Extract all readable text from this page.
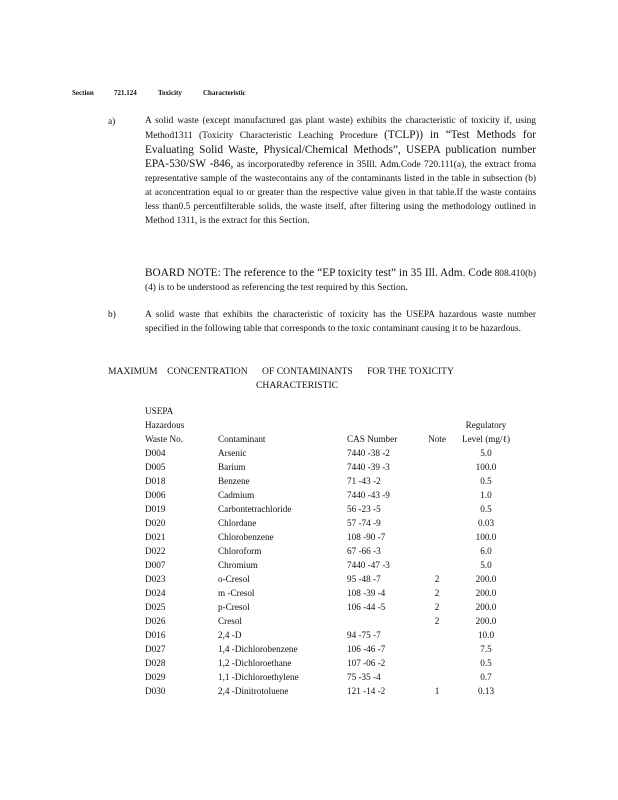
Section	721.124	Toxicity	Characteristic
a)	A solid waste (except manufactured gas plant waste) exhibits the characteristic of toxicity if, using Method1311 (Toxicity Characteristic Leaching Procedure (TCLP)) in “Test Methods for Evaluating Solid Waste, Physical/Chemical Methods”, USEPA publication number EPA-530/SW -846, as incorporatedby reference in 35Ill. Adm.Code 720.111(a), the extract froma representative sample of the wastecontains any of the contaminants listed in the table in subsection (b) at aconcentration equal to or greater than the respective value given in that table.If the waste contains less than0.5 percentfilterable solids, the waste itself, after filtering using the methodology outlined in Method 1311, is the extract for this Section.
BOARD NOTE: The reference to the “EP toxicity test” in 35 Ill. Adm. Code 808.410(b)(4) is to be understood as referencing the test required by this Section.
b)	A solid waste that exhibits the characteristic of toxicity has the USEPA hazardous waste number specified in the following table that corresponds to the toxic contaminant causing it to be hazardous.
MAXIMUM    CONCENTRATION      OF CONTAMINANTS      FOR THE TOXICITY
CHARACTERISTIC
USEPA				
Hazardous				Regulatory
Waste No.	Contaminant	CAS Number	Note	Level (mg/ℓ)
D004	Arsenic	7440 -38 -2		5.0
D005	Barium	7440 -39 -3		100.0
D018	Benzene	71 -43 -2		0.5
D006	Cadmium	7440 -43 -9		1.0
D019	Carbontetrachloride	56 -23 -5		0.5
D020	Chlordane	57 -74 -9		0.03
D021	Chlorobenzene	108 -90 -7		100.0
D022	Chloroform	67 -66 -3		6.0
D007	Chromium	7440 -47 -3		5.0
D023	o-Cresol	95 -48 -7	2	200.0
D024	m -Cresol	108 -39 -4	2	200.0
D025	p-Cresol	106 -44 -5	2	200.0
D026	Cresol		2	200.0
D016	2,4 -D	94 -75 -7		10.0
D027	1,4 -Dichlorobenzene	106 -46 -7		7.5
D028	1,2 -Dichloroethane	107 -06 -2		0.5
D029	1,1 -Dichloroethylene	75 -35 -4		0.7
D030	2,4 -Dinitrotoluene	121 -14 -2	1	0.13
